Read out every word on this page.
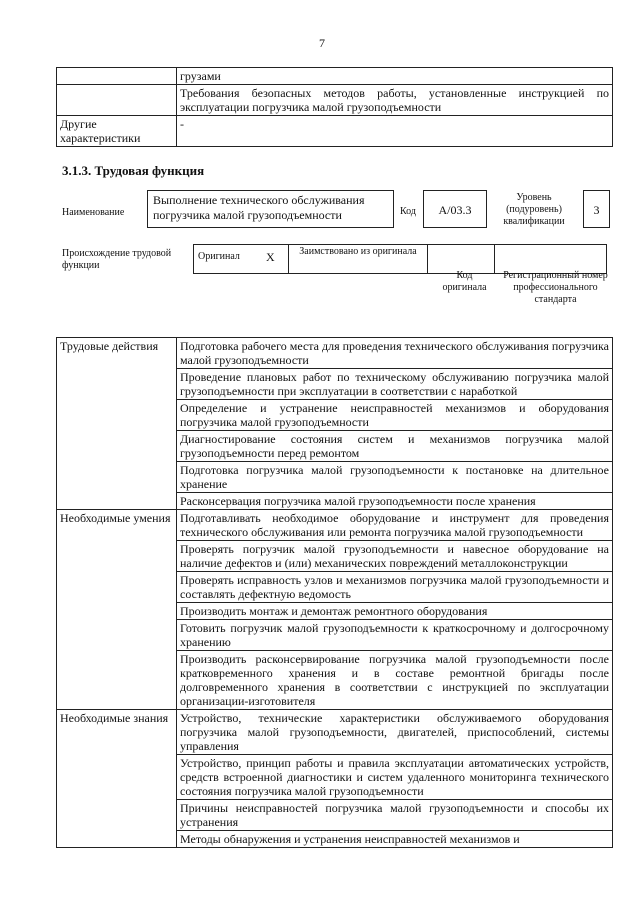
7
	грузами
	Требования безопасных методов работы, установленные инструкцией по эксплуатации погрузчика малой грузоподъемности
Другие характеристики	-
3.1.3. Трудовая функция
Наименование
Выполнение технического обслуживания погрузчика малой грузоподъемности	Код	A/03.3
Уровень (подуровень) квалификации
3
Происхождение трудовой функции
Оригинал	X	Заимствовано из оригинала		
Код оригинала
Регистрационный номер профессионального стандарта
Трудовые действия	Подготовка рабочего места для проведения технического обслуживания погрузчика малой грузоподъемности
	Проведение плановых работ по техническому обслуживанию погрузчика малой грузоподъемности при эксплуатации в соответствии с наработкой
	Определение и устранение неисправностей механизмов и оборудования погрузчика малой грузоподъемности
	Диагностирование состояния систем и механизмов погрузчика малой грузоподъемности перед ремонтом
	Подготовка погрузчика малой грузоподъемности к постановке на длительное хранение
	Расконсервация погрузчика малой грузоподъемности после хранения
Необходимые умения	Подготавливать необходимое оборудование и инструмент для проведения технического обслуживания или ремонта погрузчика малой грузоподъемности
	Проверять погрузчик малой грузоподъемности и навесное оборудование на наличие дефектов и (или) механических повреждений металлоконструкции
	Проверять исправность узлов и механизмов погрузчика малой грузоподъемности и составлять дефектную ведомость
	Производить монтаж и демонтаж ремонтного оборудования
	Готовить погрузчик малой грузоподъемности к краткосрочному и долгосрочному хранению
	Производить расконсервирование погрузчика малой грузоподъемности после кратковременного хранения и в составе ремонтной бригады после долговременного хранения в соответствии с инструкцией по эксплуатации организации-изготовителя
Необходимые знания	Устройство, технические характеристики обслуживаемого оборудования погрузчика малой грузоподъемности, двигателей, приспособлений, системы управления
	Устройство, принцип работы и правила эксплуатации автоматических устройств, средств встроенной диагностики и систем удаленного мониторинга технического состояния погрузчика малой грузоподъемности
	Причины неисправностей погрузчика малой грузоподъемности и способы их устранения
	Методы обнаружения и устранения неисправностей механизмов и
